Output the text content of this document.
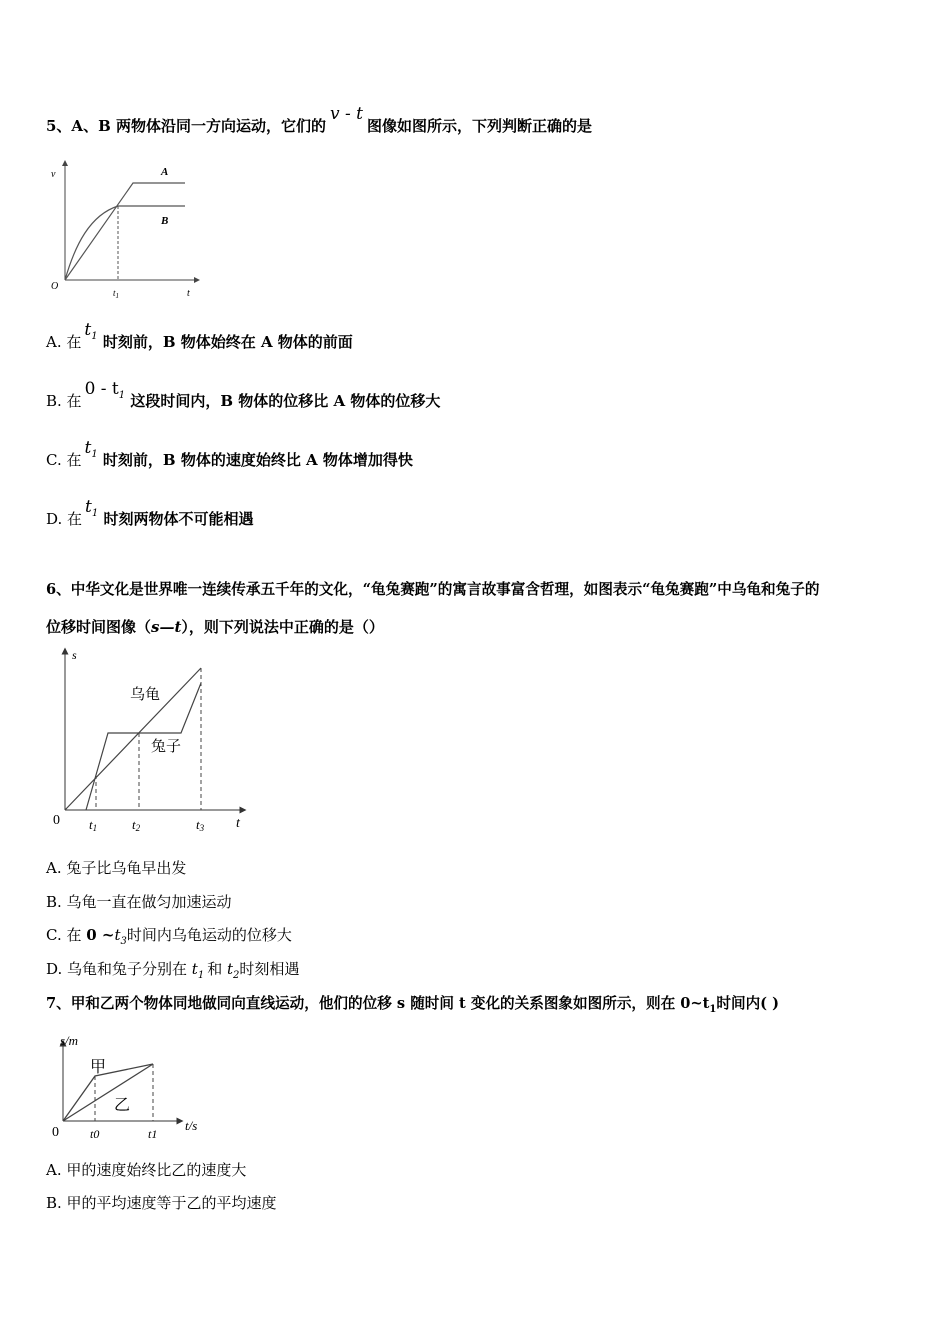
5、A、B 两物体沿同一方向运动，它们的v - t图像如图所示，下列判断正确的是
v
O
t
$t_1$
A
B
A. 在$t^1$ 时刻前，B 物体始终在 A 物体的前面
B. 在$0 - t^1$ 这段时间内，B 物体的位移比 A 物体的位移大
C. 在$t^1$ 时刻前，B 物体的速度始终比 A 物体增加得快
D. 在$t^1$ 时刻两物体不可能相遇
6、中华文化是世界唯一连续传承五千年的文化，“龟兔赛跑”的寓言故事富含哲理，如图表示“龟兔赛跑”中乌龟和兔子的
位移时间图像（s—t），则下列说法中正确的是（）
s
0	t
t1	t2	t3
乌龟
兔子
A. 兔子比乌龟早出发
B. 乌龟一直在做匀加速运动
C. 在 0 $\sim t_3$时间内乌龟运动的位移大
D. 乌龟和兔子分别在 $t_1$ 和 $t_2$时刻相遇
7、甲和乙两个物体同地做同向直线运动，他们的位移 s 随时间 t 变化的关系图象如图所示，则在 $0\sim t_1$时间内( )
s/m
0	t/s
t0	t1
甲
乙
A. 甲的速度始终比乙的速度大
B. 甲的平均速度等于乙的平均速度
